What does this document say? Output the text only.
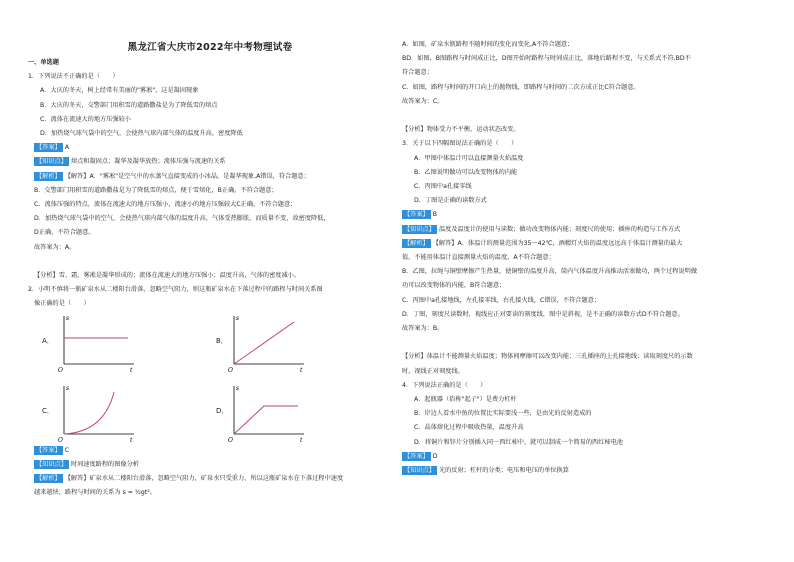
黑龙江省大庆市2022年中考物理试卷
一、单选题
1．下列说法不正确的是（　　）
A．大庆的冬天，树上经常有美丽的"雾凇"，这是凝固现象
B．大庆的冬天，交警部门用积雪的道路撒盐是为了降低雪的熔点
C．流体在流速大的地方压强较小
D．加热烧气球气袋中的空气，会使热气球内部气体的温度升高，密度降低
【答案】 A
【知识点】 熔点和凝固点；凝华及凝华放热；流体压强与流速的关系
【解析】 【解答】A．"雾凇"是空气中的水蒸气直接变成的小冰晶，是凝华现象,A错误，符合题意；
B．交警部门用积雪的道路撒盐是为了降低雪的熔点，便于雪熔化，B正确，不符合题意；
C．流体压强的特点，流体在流速大的地方压强小，流速小的地方压强较大C正确，不符合题意；
D．加热烧气球气袋中的空气，会使热气球内部气体的温度升高，气体受热膨胀，而质量不变，故密度降低，
D正确，不符合题意。
故答案为：A。
【分析】雪、霜、雾凇是凝华形成的；流体在流速大的地方压强小；温度升高，气体的密度减小。
2．小明不慎将一瓶矿泉水从二楼阳台滑落，忽略空气阻力，则这瓶矿泉水在下落过程中的路程与时间关系图
像正确的是（　　）
A．
s
t
O
B．
s
t
O
C．
s
t
O
D．
s
t
O
【答案】 C
【知识点】 时间速度路程的图像分析
【解析】 【解答】矿泉水从二楼阳台滑落，忽略空气阻力，矿泉水只受重力，所以这瓶矿泉水在下落过程中速度
越来越快，路程与时间的关系为 s = ½gt²。
A．如图，矿泉水瓶路程不随时间的变化而变化,A不符合题意；
BD．如图，B图路程与时间成正比，D图开始时路程与时间成正比，落地后路程不变，与关系式不符,BD不
符合题意；
C．如图，路程与时间的开口向上的抛物线，即路程与时间的二次方成正比C符合题意。
故答案为：C。
【分析】物体受力不平衡，运动状态改变。
3．关于以下四幅图说法正确的是（　　）
A．甲图中体温计可以直接测量火焰温度
B．乙图说明做功可以改变物体的内能
C．丙图中a孔接零线
D．丁图是正确的读数方式
【答案】 B
【知识点】 温度及温度计的使用与读数；做功改变物体内能；刻度尺的使用；插座的构造与工作方式
【解析】 【解答】A．体温计的测量范围为35～42℃，酒精灯火焰的温度远远高于体温计测量的最大
值，不能用体温计直接测量火焰的温度，A不符合题意；
B．乙图，拉绳与铜壁摩擦产生热量，使铜壁的温度升高，筒内气体温度升高推动活塞做功，两个过程说明做
功可以改变物体的内能，B符合题意；
C．丙图中a孔接地线，左孔接零线，右孔接火线，C错误，不符合题意；
D．丁图，刻度尺读数时，视线应正对要读的刻度线，图中是斜视，是不正确的读数方式D不符合题意。
故答案为：B。
【分析】体温计不能测量火焰温度；物体间摩擦可以改变内能；三孔插座的上孔接地线；读取刻度尺的示数
时，视线正对刻度线。
4．下列说法正确的是（　　）
A．起瓶器（俗称"起子"）是费力杠杆
B．岸边人看水中鱼的位置比实际要浅一些，是由光的反射造成的
C．晶体熔化过程中吸收热量，温度升高
D．将铜片和锌片分别插入同一西红柿中，就可以制成一个简易的西红柿电池
【答案】 D
【知识点】 光的反射；杠杆的分类；电压和电压的单位换算
